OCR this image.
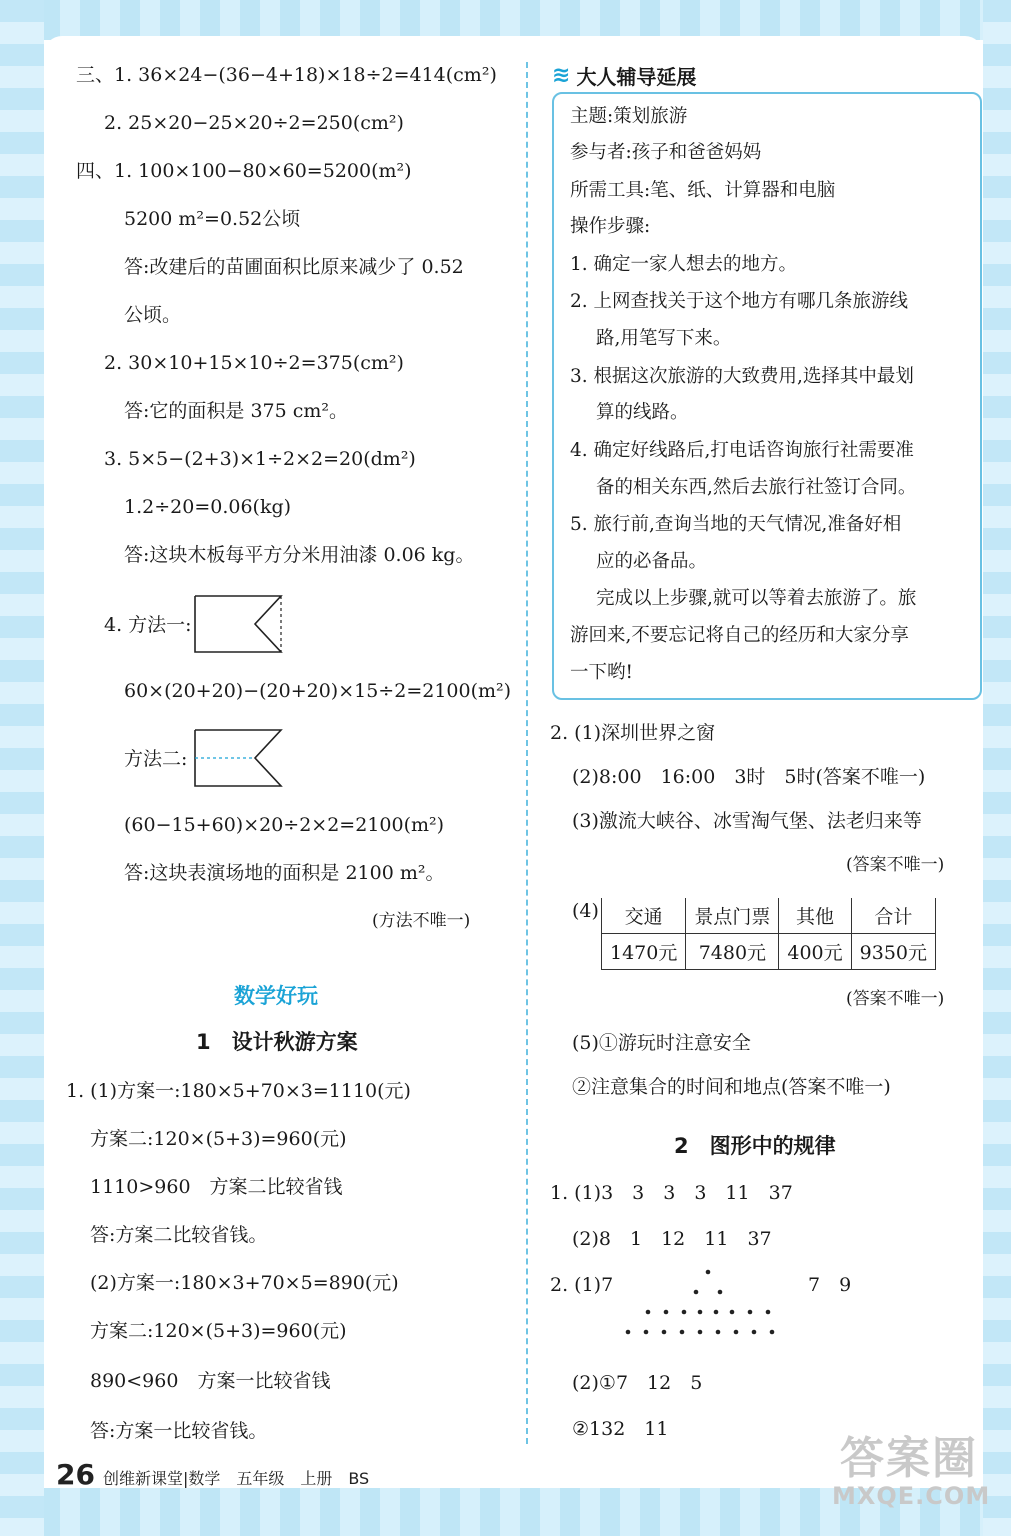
三、1. 36×24−(36−4+18)×18÷2=414(cm²)
2. 25×20−25×20÷2=250(cm²)
四、1. 100×100−80×60=5200(m²)
5200 m²=0.52公顷
答:改建后的苗圃面积比原来减少了 0.52
公顷。
2. 30×10+15×10÷2=375(cm²)
答:它的面积是 375 cm²。
3. 5×5−(2+3)×1÷2×2=20(dm²)
1.2÷20=0.06(kg)
答:这块木板每平方分米用油漆 0.06 kg。
4. 方法一:
60×(20+20)−(20+20)×15÷2=2100(m²)
方法二:
(60−15+60)×20÷2×2=2100(m²)
答:这块表演场地的面积是 2100 m²。
(方法不唯一)
数学好玩
1　设计秋游方案
1. (1)方案一:180×5+70×3=1110(元)
方案二:120×(5+3)=960(元)
1110>960　方案二比较省钱
答:方案二比较省钱。
(2)方案一:180×3+70×5=890(元)
方案二:120×(5+3)=960(元)
890<960　方案一比较省钱
答:方案一比较省钱。
≋ 大人辅导延展
主题:策划旅游
参与者:孩子和爸爸妈妈
所需工具:笔、纸、计算器和电脑
操作步骤:
1. 确定一家人想去的地方。
2. 上网查找关于这个地方有哪几条旅游线
路,用笔写下来。
3. 根据这次旅游的大致费用,选择其中最划
算的线路。
4. 确定好线路后,打电话咨询旅行社需要准
备的相关东西,然后去旅行社签订合同。
5. 旅行前,查询当地的天气情况,准备好相
应的必备品。
完成以上步骤,就可以等着去旅游了。旅
游回来,不要忘记将自己的经历和大家分享
一下哟!
2. (1)深圳世界之窗
(2)8:00　16:00　3时　5时(答案不唯一)
(3)激流大峡谷、冰雪淘气堡、法老归来等
(答案不唯一)
(4) 交通	景点门票	其他	合计
1470元	7480元	400元	9350元
(答案不唯一)
(5)①游玩时注意安全
②注意集合的时间和地点(答案不唯一)
2　图形中的规律
1. (1)3　3　3　3　11　37
(2)8　1　12　11　37
2. (1)7	7　9
(2)①7　12　5
②132　11
26 创维新课堂|数学　五年级　上册　BS	答案圈
MXQE.COM
